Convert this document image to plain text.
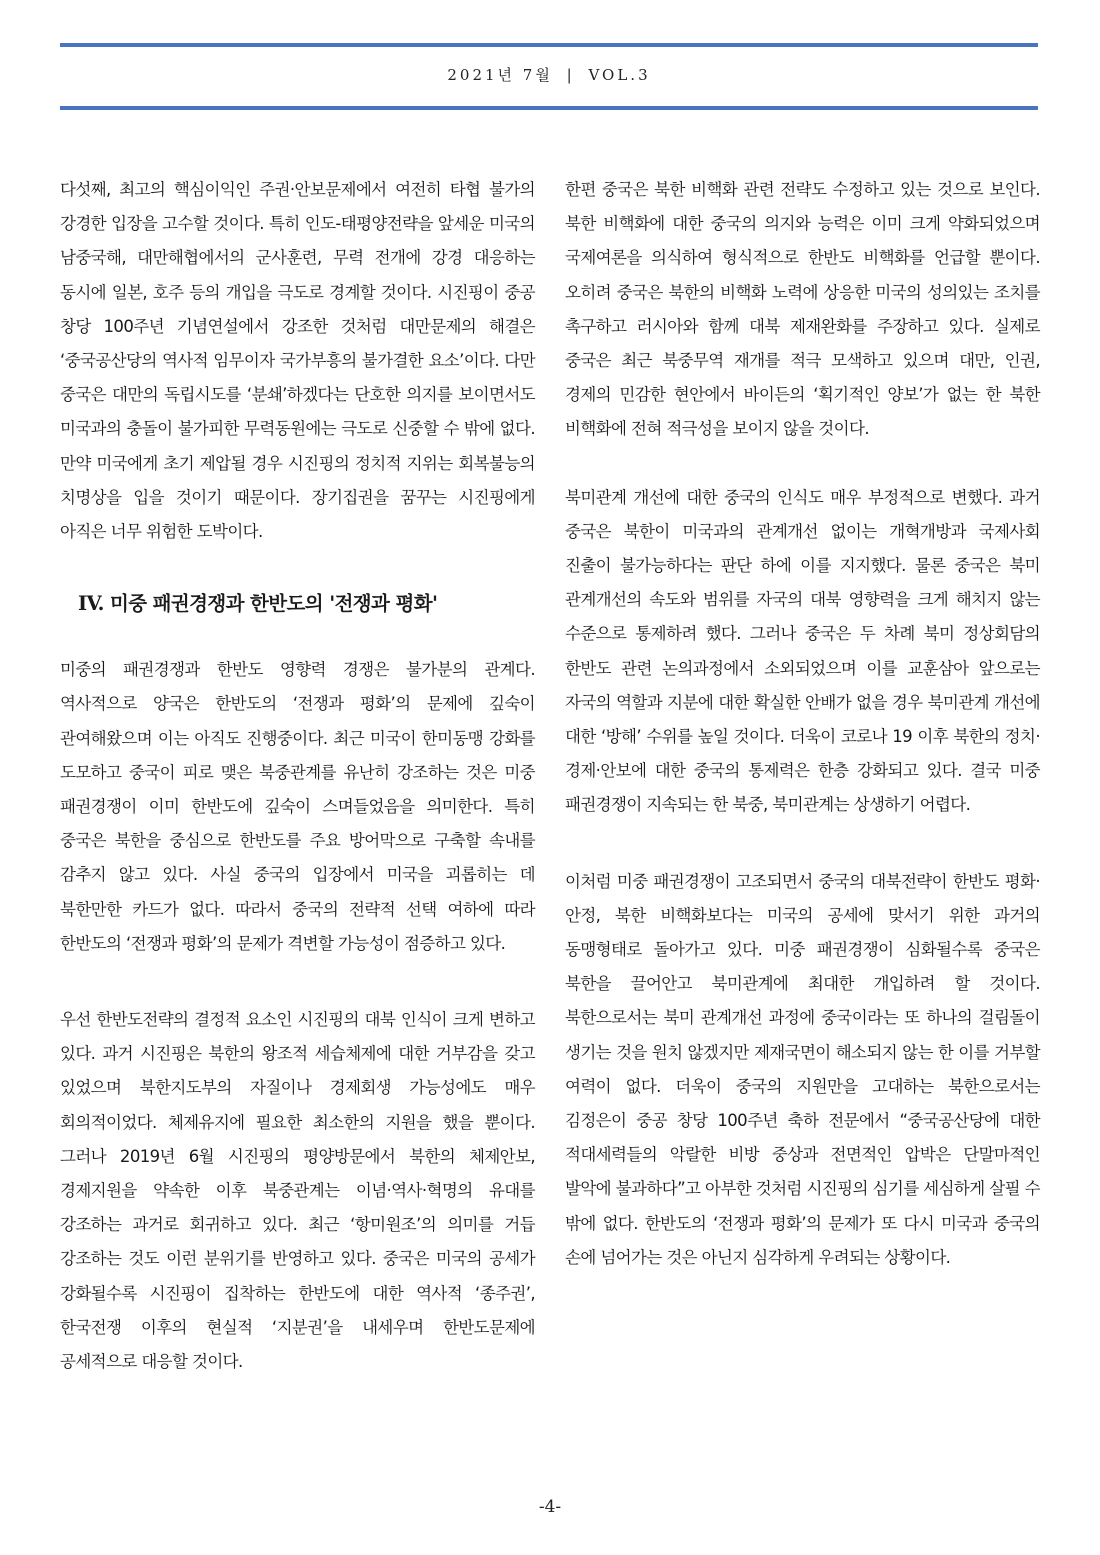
2021년 7월 | VOL.3

다섯째, 최고의 핵심이익인 주권·안보문제에서 여전히 타협 불가의 강경한 입장을 고수할 것이다. 특히 인도-태평양전략을 앞세운 미국의 남중국해, 대만해협에서의 군사훈련, 무력 전개에 강경 대응하는 동시에 일본, 호주 등의 개입을 극도로 경계할 것이다. 시진핑이 중공 창당 100주년 기념연설에서 강조한 것처럼 대만문제의 해결은 ‘중국공산당의 역사적 임무이자 국가부흥의 불가결한 요소’이다. 다만 중국은 대만의 독립시도를 ‘분쇄’하겠다는 단호한 의지를 보이면서도 미국과의 충돌이 불가피한 무력동원에는 극도로 신중할 수 밖에 없다. 만약 미국에게 초기 제압될 경우 시진핑의 정치적 지위는 회복불능의 치명상을 입을 것이기 때문이다. 장기집권을 꿈꾸는 시진핑에게 아직은 너무 위험한 도박이다.

IV. 미중 패권경쟁과 한반도의 '전쟁과 평화'

미중의 패권경쟁과 한반도 영향력 경쟁은 불가분의 관계다. 역사적으로 양국은 한반도의 ‘전쟁과 평화’의 문제에 깊숙이 관여해왔으며 이는 아직도 진행중이다. 최근 미국이 한미동맹 강화를 도모하고 중국이 피로 맺은 북중관계를 유난히 강조하는 것은 미중 패권경쟁이 이미 한반도에 깊숙이 스며들었음을 의미한다. 특히 중국은 북한을 중심으로 한반도를 주요 방어막으로 구축할 속내를 감추지 않고 있다. 사실 중국의 입장에서 미국을 괴롭히는 데 북한만한 카드가 없다. 따라서 중국의 전략적 선택 여하에 따라 한반도의 ‘전쟁과 평화’의 문제가 격변할 가능성이 점증하고 있다.

우선 한반도전략의 결정적 요소인 시진핑의 대북 인식이 크게 변하고 있다. 과거 시진핑은 북한의 왕조적 세습체제에 대한 거부감을 갖고 있었으며 북한지도부의 자질이나 경제회생 가능성에도 매우 회의적이었다. 체제유지에 필요한 최소한의 지원을 했을 뿐이다. 그러나 2019년 6월 시진핑의 평양방문에서 북한의 체제안보, 경제지원을 약속한 이후 북중관계는 이념·역사·혁명의 유대를 강조하는 과거로 회귀하고 있다. 최근 ‘항미원조’의 의미를 거듭 강조하는 것도 이런 분위기를 반영하고 있다. 중국은 미국의 공세가 강화될수록 시진핑이 집착하는 한반도에 대한 역사적 ‘종주권’, 한국전쟁 이후의 현실적 ‘지분권’을 내세우며 한반도문제에 공세적으로 대응할 것이다.

한편 중국은 북한 비핵화 관련 전략도 수정하고 있는 것으로 보인다. 북한 비핵화에 대한 중국의 의지와 능력은 이미 크게 약화되었으며 국제여론을 의식하여 형식적으로 한반도 비핵화를 언급할 뿐이다. 오히려 중국은 북한의 비핵화 노력에 상응한 미국의 성의있는 조치를 촉구하고 러시아와 함께 대북 제재완화를 주장하고 있다. 실제로 중국은 최근 북중무역 재개를 적극 모색하고 있으며 대만, 인권, 경제의 민감한 현안에서 바이든의 ‘획기적인 양보’가 없는 한 북한 비핵화에 전혀 적극성을 보이지 않을 것이다.

북미관계 개선에 대한 중국의 인식도 매우 부정적으로 변했다. 과거 중국은 북한이 미국과의 관계개선 없이는 개혁개방과 국제사회 진출이 불가능하다는 판단 하에 이를 지지했다. 물론 중국은 북미 관계개선의 속도와 범위를 자국의 대북 영향력을 크게 해치지 않는 수준으로 통제하려 했다. 그러나 중국은 두 차례 북미 정상회담의 한반도 관련 논의과정에서 소외되었으며 이를 교훈삼아 앞으로는 자국의 역할과 지분에 대한 확실한 안배가 없을 경우 북미관계 개선에 대한 ‘방해’ 수위를 높일 것이다. 더욱이 코로나 19 이후 북한의 정치·경제·안보에 대한 중국의 통제력은 한층 강화되고 있다. 결국 미중 패권경쟁이 지속되는 한 북중, 북미관계는 상생하기 어렵다.

이처럼 미중 패권경쟁이 고조되면서 중국의 대북전략이 한반도 평화·안정, 북한 비핵화보다는 미국의 공세에 맞서기 위한 과거의 동맹형태로 돌아가고 있다. 미중 패권경쟁이 심화될수록 중국은 북한을 끌어안고 북미관계에 최대한 개입하려 할 것이다. 북한으로서는 북미 관계개선 과정에 중국이라는 또 하나의 걸림돌이 생기는 것을 원치 않겠지만 제재국면이 해소되지 않는 한 이를 거부할 여력이 없다. 더욱이 중국의 지원만을 고대하는 북한으로서는 김정은이 중공 창당 100주년 축하 전문에서 “중국공산당에 대한 적대세력들의 악랄한 비방 중상과 전면적인 압박은 단말마적인 발악에 불과하다”고 아부한 것처럼 시진핑의 심기를 세심하게 살필 수 밖에 없다. 한반도의 ‘전쟁과 평화’의 문제가 또 다시 미국과 중국의 손에 넘어가는 것은 아닌지 심각하게 우려되는 상황이다.

-4-
